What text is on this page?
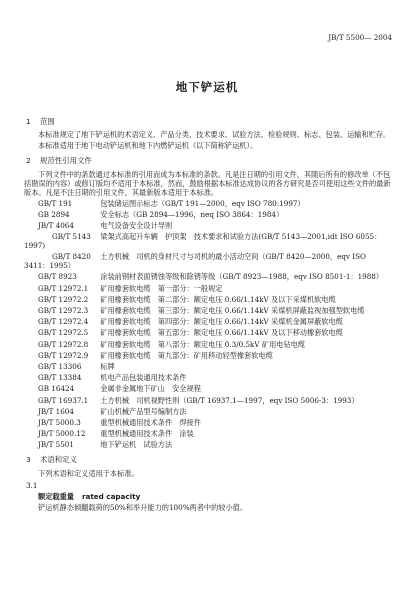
JB/T 5500— 2004
地下铲运机
1 范围

本标准规定了地下铲运机的术语定义、产品分类、技术要求、试验方法、检验规则、标志、包装、运输和贮存。

本标准适用于地下电动铲运机和地下内燃铲运机（以下简称铲运机）。

2 规范性引用文件

下列文件中的条款通过本标准的引用而成为本标准的条款。凡是注日期的引用文件，其随后所有的修改单（不包括勘误的内容）或修订版均不适用于本标准，然而，鼓励根据本标准达成协议的各方研究是否可使用这些文件的最新版本。凡是不注日期的引用文件，其最新版本适用于本标准。

GB/T 191	包装储运图示标志（GB/T 191—2000，eqv ISO 780:1997）
GB 2894	安全标志（GB 2894—1996，neq ISO 3864：1984）
JB/T 4064	电气设备安全设计导则
GB/T 5143 梁架式高起升车辆　护顶架　技术要求和试验方法(GB/T 5143—2001,idt ISO 6055：1997)
GB/T 8420 土方机械　司机的身材尺寸与司机的最小活动空间（GB/T 8420—2000，eqv ISO 3411：1995）
GB/T 8923	涂装前钢材表面锈蚀等级和除锈等级（GB/T 8923—1988，eqv ISO 8501-1：1988）
GB/T 12972.1 矿用橡套软电缆　第一部分：一般规定
GB/T 12972.2 矿用橡套软电缆　第二部分：额定电压 0.66/1.14kV 及以下采煤机软电缆
GB/T 12972.3 矿用橡套软电缆　第三部分：额定电压 0.66/1.14kV 采煤机屏蔽监视加强型软电缆
GB/T 12972.4 矿用橡套软电缆　第四部分：额定电压 0.66/1.14kV 采煤机金属屏蔽软电缆
GB/T 12972.5 矿用橡套软电缆　第五部分：额定电压 0.66/1.14kV 及以下移动橡套软电缆
GB/T 12972.8 矿用橡套软电缆　第八部分：额定电压 0.3/0.5kV 矿用电钻电缆
GB/T 12972.9 矿用橡套软电缆　第九部分：矿用移动轻型橡套软电缆
GB/T 13306	标牌
GB/T 13384	机电产品包装通用技术条件
GB 16424	金属非金属地下矿山　安全规程
GB/T 16937.1 土方机械　司机视野性则（GB/T 16937.1—1997，eqv ISO 5006-3：1993）
JB/T 1604	矿山机械产品型号编制方法
JB/T 5000.3	重型机械通用技术条件　焊接件
JB/T 5000.12 重型机械通用技术条件　涂装
JB/T 5501	地下铲运机　试验方法
3 术语和定义

下列术语和定义适用于本标准。

3.1
额定载重量 rated capacity

铲运机静态倾翻载荷的50%和举升能力的100%两者中的较小值。
